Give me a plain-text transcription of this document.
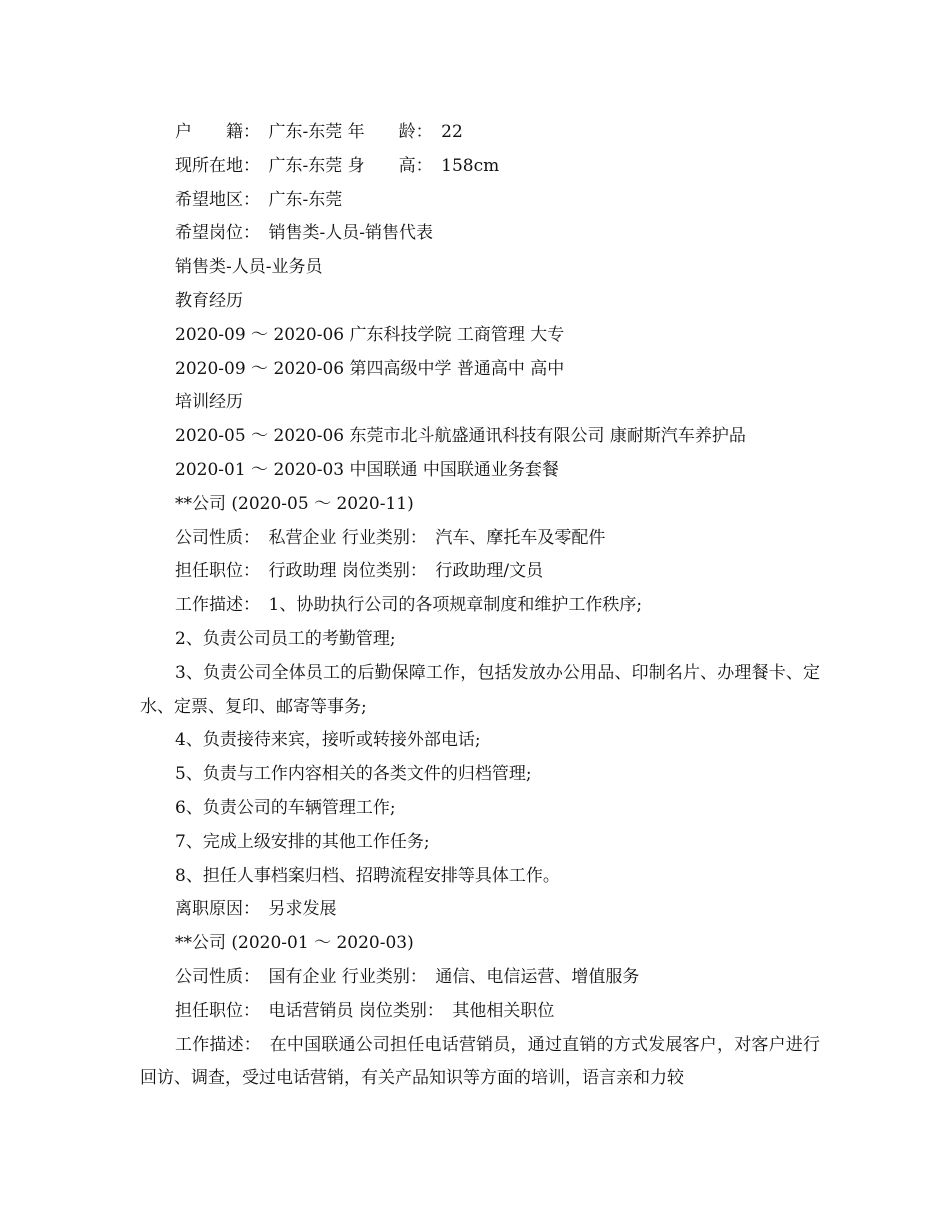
户　　籍：　广东-东莞 年　　龄：　22
现所在地：　广东-东莞 身　　高：　158cm
希望地区：　广东-东莞
希望岗位：　销售类-人员-销售代表
销售类-人员-业务员
教育经历
2020-09 ～ 2020-06 广东科技学院 工商管理 大专
2020-09 ～ 2020-06 第四高级中学 普通高中 高中
培训经历
2020-05 ～ 2020-06 东莞市北斗航盛通讯科技有限公司 康耐斯汽车养护品
2020-01 ～ 2020-03 中国联通 中国联通业务套餐
**公司 (2020-05 ～ 2020-11)
公司性质：　私营企业 行业类别：　汽车、摩托车及零配件
担任职位：　行政助理 岗位类别：　行政助理/文员
工作描述：　1、协助执行公司的各项规章制度和维护工作秩序;
2、负责公司员工的考勤管理;
3、负责公司全体员工的后勤保障工作，包括发放办公用品、印制名片、办理餐卡、定水、定票、复印、邮寄等事务;
4、负责接待来宾，接听或转接外部电话;
5、负责与工作内容相关的各类文件的归档管理;
6、负责公司的车辆管理工作;
7、完成上级安排的其他工作任务;
8、担任人事档案归档、招聘流程安排等具体工作。
离职原因：　另求发展
**公司 (2020-01 ～ 2020-03)
公司性质：　国有企业 行业类别：　通信、电信运营、增值服务
担任职位：　电话营销员 岗位类别：　其他相关职位
工作描述：　在中国联通公司担任电话营销员，通过直销的方式发展客户，对客户进行回访、调查，受过电话营销，有关产品知识等方面的培训，语言亲和力较
